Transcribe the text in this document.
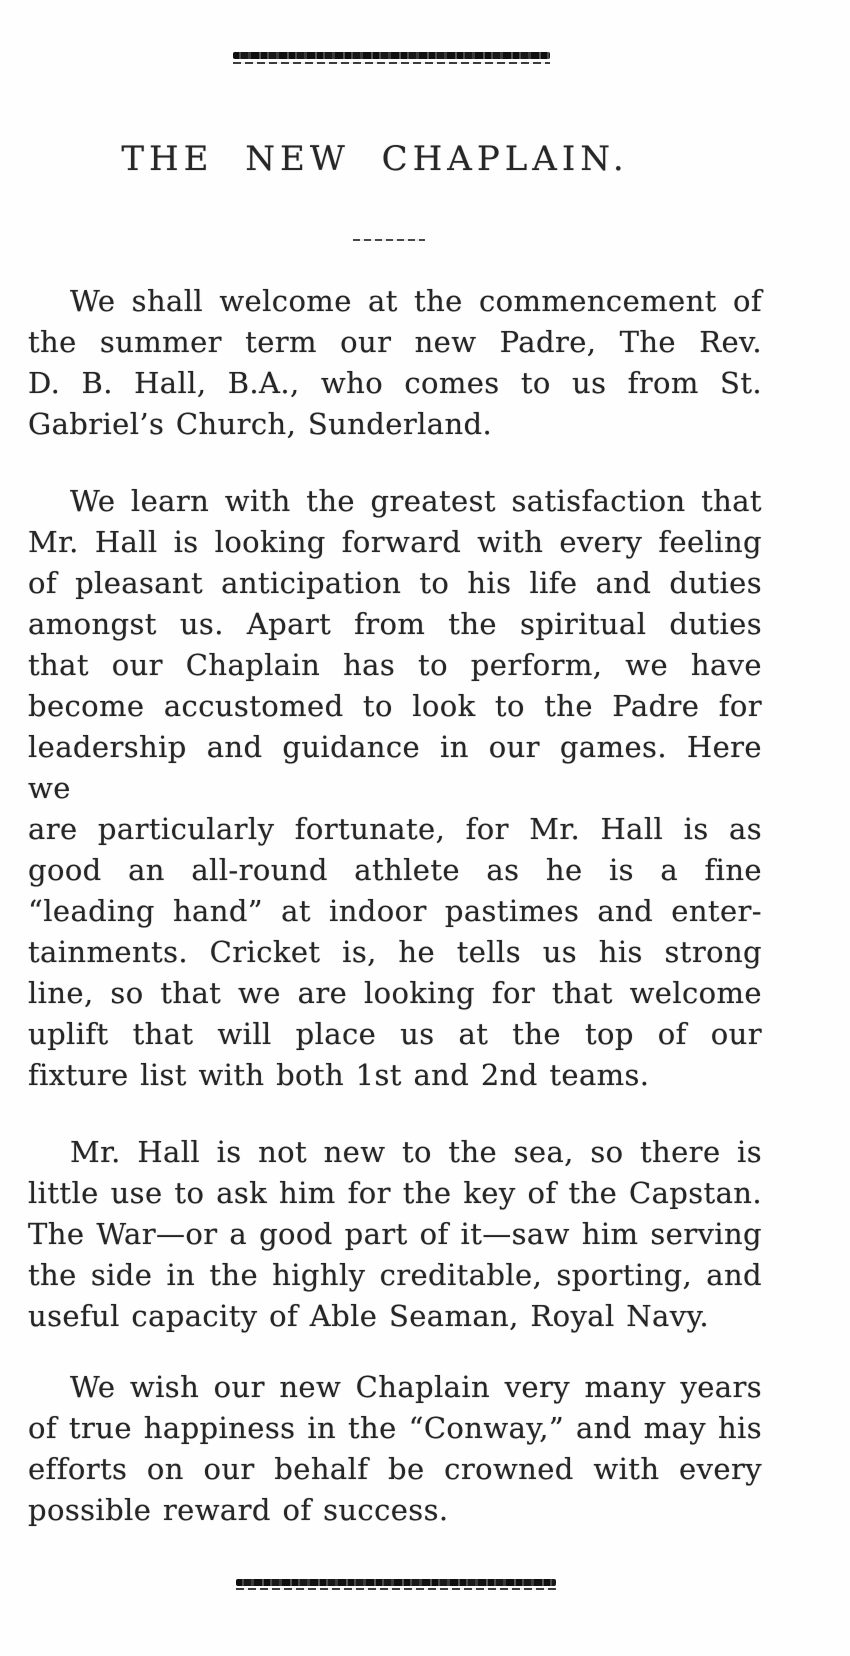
THE NEW CHAPLAIN.
We shall welcome at the commencement of
the summer term our new Padre, The Rev.
D. B. Hall, B.A., who comes to us from St.
Gabriel’s Church, Sunderland.
We learn with the greatest satisfaction that
Mr. Hall is looking forward with every feeling
of pleasant anticipation to his life and duties
amongst us. Apart from the spiritual duties
that our Chaplain has to perform, we have
become accustomed to look to the Padre for
leadership and guidance in our games. Here we
are particularly fortunate, for Mr. Hall is as
good an all-round athlete as he is a fine
“leading hand” at indoor pastimes and enter-
tainments. Cricket is, he tells us his strong
line, so that we are looking for that welcome
uplift that will place us at the top of our
fixture list with both 1st and 2nd teams.
Mr. Hall is not new to the sea, so there is
little use to ask him for the key of the Capstan.
The War—or a good part of it—saw him serving
the side in the highly creditable, sporting, and
useful capacity of Able Seaman, Royal Navy.
We wish our new Chaplain very many years
of true happiness in the “Conway,” and may his
efforts on our behalf be crowned with every
possible reward of success.
